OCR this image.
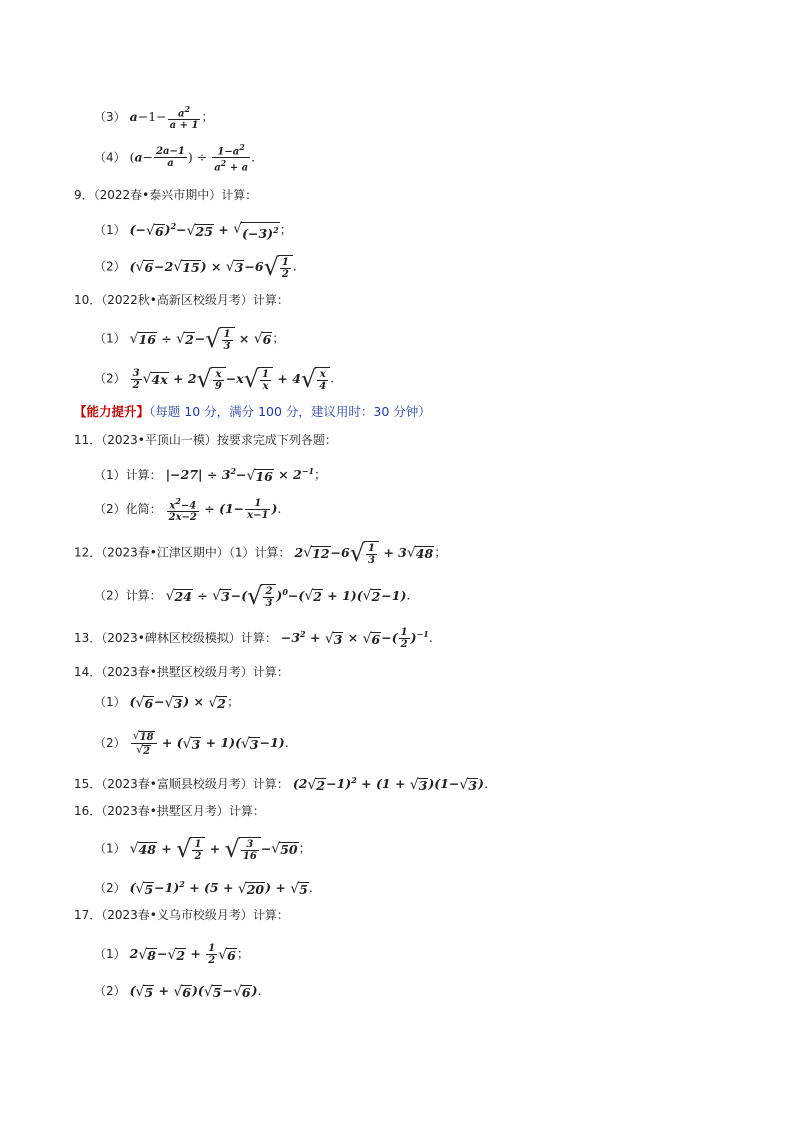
（3） $a-1- \frac{a^2}{a + 1}$ ；
（4） ($a- \frac{2a-1}{a}$ ) ÷ $\frac{1-a^2}{a^2 + a}$ .
9．（2022春•泰兴市期中）计算：
（1） (− √ 6 )$^2$− √ 25 + √ $(-3)^2$ ；
（2） ( √ 6 −2 √ 15 ) × √ 3 −6 √ $\frac{1}{2}$ .
10．（2022秋•高新区校级月考）计算：
（1） √ 16 ÷ √ 2 − √ $\frac{1}{3}$ × √ 6 ；
$(2) \frac{3}{2}$ √ 4x + 2 √ $\frac{x}{9} -x$ √ $\frac{1}{x} + 4$ √ $\frac{x}{4}$ .
【能力提升】（每题 10 分，满分 100 分，建议用时：30 分钟）
11．（2023•平顶山一模）按要求完成下列各题：
（1）计算： $|-27| \div 3^2-$ √ $16 \times 2^{-1}$；
（2）化简： $\frac{x^2-4}{2x-2} \div (1- \frac{1}{x-1}$ ).
12．（2023春•江津区期中）（1）计算： 2 √ 12 −6 √ $\frac{1}{3} + 3$ √ 48 ；
（2）计算： √ 24 ÷ √ 3 −( √ $\frac{2}{3} )^0-$( √ 2 + 1)( √ 2 −1).
13．（2023•碑林区校级模拟）计算： $-3^2$ + √ 3 × √ 6 −( $\frac{1}{2} )^{-1}$.
14．（2023春•拱墅区校级月考）计算：
（1） ( √ 6 − √ 3 ) × √ 2 ；
$(2) \frac{√ 18}{√ 2}$ + ( √ 3 + 1)( √ 3 −1).
15．（2023春•富顺县校级月考）计算： (2 √ 2 −1)$^2$ + (1 + √ 3 )(1− √ 3 ).
16．（2023春•拱墅区月考）计算：
（1） √ 48 + √ $\frac{1}{2}$ + √ $\frac{3}{16}$ − √ 50 ；
（2） ( √ 5 −1)$^2$ + (5 + √ 20 ) + √ 5 .
17．（2023春•义乌市校级月考）计算：
（1） 2 √ 8 − √ $2 + \frac{1}{2}$ √ 6 ；
（2） ( √ 5 + √ 6 )( √ 5 − √ 6 ).
